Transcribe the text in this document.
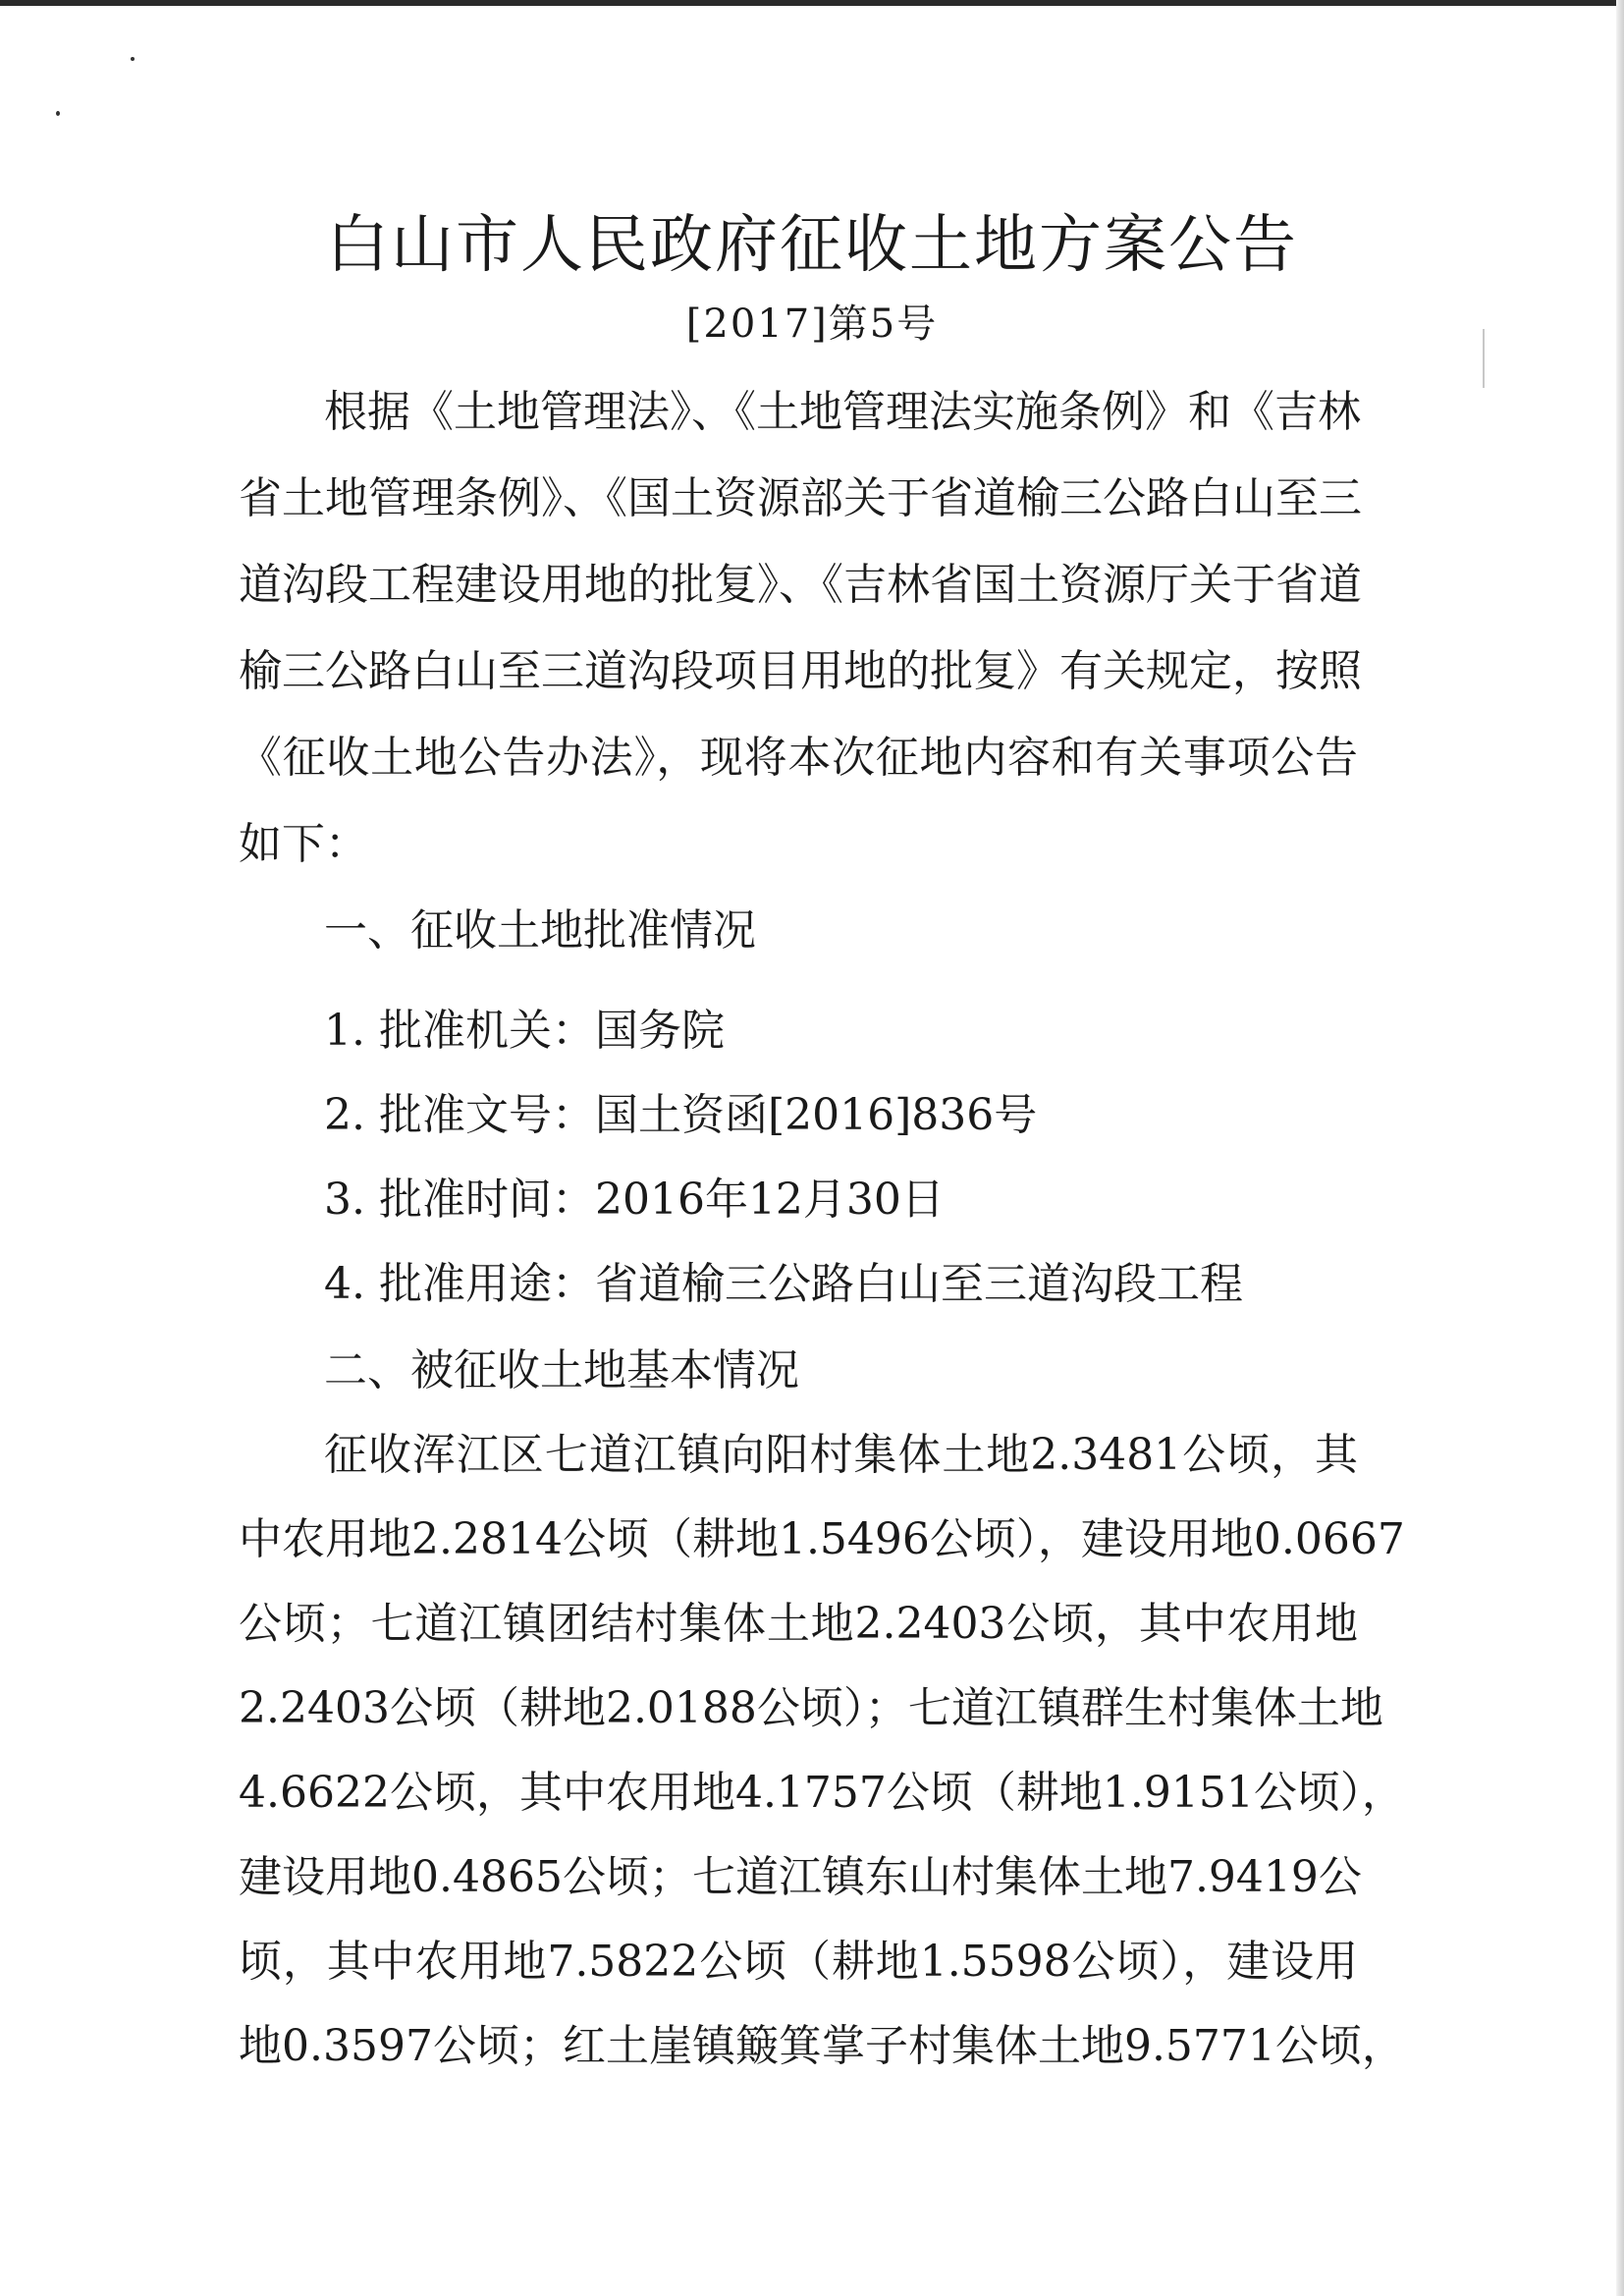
白山市人民政府征收土地方案公告
[2017]第5号
根据《土地管理法》、《土地管理法实施条例》和《吉林
省土地管理条例》、《国土资源部关于省道榆三公路白山至三
道沟段工程建设用地的批复》、《吉林省国土资源厅关于省道
榆三公路白山至三道沟段项目用地的批复》有关规定，按照
《征收土地公告办法》，现将本次征地内容和有关事项公告
如下：
一、征收土地批准情况
1. 批准机关：国务院
2. 批准文号：国土资函[2016]836号
3. 批准时间：2016年12月30日
4. 批准用途：省道榆三公路白山至三道沟段工程
二、被征收土地基本情况
征收浑江区七道江镇向阳村集体土地2.3481公顷，其
中农用地2.2814公顷（耕地1.5496公顷），建设用地0.0667
公顷；七道江镇团结村集体土地2.2403公顷，其中农用地
2.2403公顷（耕地2.0188公顷）；七道江镇群生村集体土地
4.6622公顷，其中农用地4.1757公顷（耕地1.9151公顷），
建设用地0.4865公顷；七道江镇东山村集体土地7.9419公
顷，其中农用地7.5822公顷（耕地1.5598公顷），建设用
地0.3597公顷；红土崖镇簸箕掌子村集体土地9.5771公顷，
